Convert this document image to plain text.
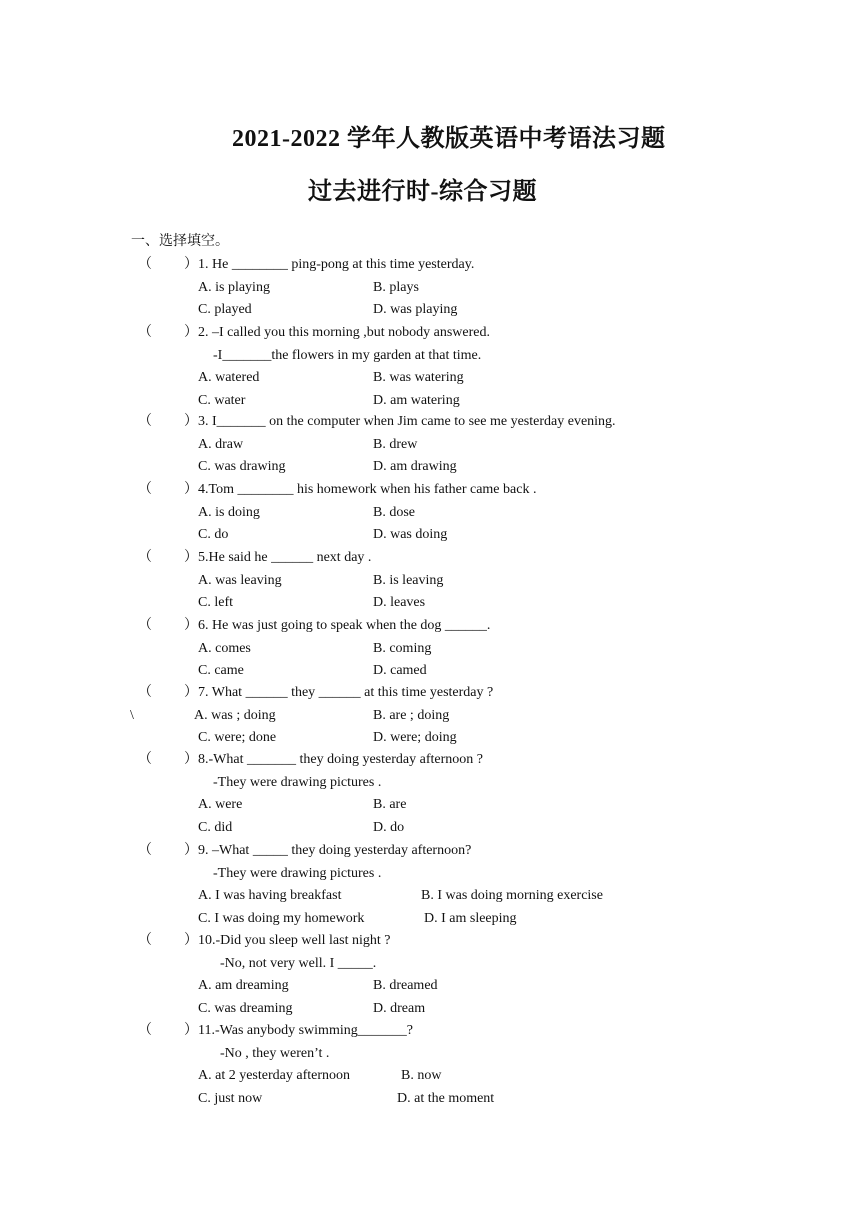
2021-2022 学年人教版英语中考语法习题
过去进行时-综合习题
一、选择填空。
（ ） 1. He ________ ping-pong at this time yesterday.
A. is playing	B. plays
C. played	D. was playing
（ ） 2. –I called you this morning ,but nobody answered.
-I_______the flowers in my garden at that time.
A. watered	B. was watering
C. water	D. am watering
（ ） 3. I_______ on the computer when Jim came to see me yesterday evening.
A. draw	B. drew
C. was drawing	D. am drawing
（ ） 4.Tom ________ his homework when his father came back .
A. is doing	B. dose
C. do	D. was doing
（ ） 5.He said he ______ next day .
A. was leaving	B. is leaving
C. left	D. leaves
（ ） 6. He was just going to speak when the dog ______.
A. comes	B. coming
C. came	D. camed
（ ） 7. What ______ they ______ at this time yesterday ?
A. was ; doing	B. are ; doing
C. were; done	D. were; doing
\
（ ） 8.-What _______ they doing yesterday afternoon ?
-They were drawing pictures .
A. were	B. are
C. did	D. do
（ ） 9. –What _____ they doing yesterday afternoon?
-They were drawing pictures .
A. I was having breakfast	B. I was doing morning exercise
C. I was doing my homework	D. I am sleeping
（ ） 10.-Did you sleep well last night ?
-No, not very well. I _____.
A. am dreaming	B. dreamed
C. was dreaming	D. dream
（ ） 11.-Was anybody swimming_______?
-No , they weren’t .
A. at 2 yesterday afternoon	B. now
C. just now	D. at the moment
